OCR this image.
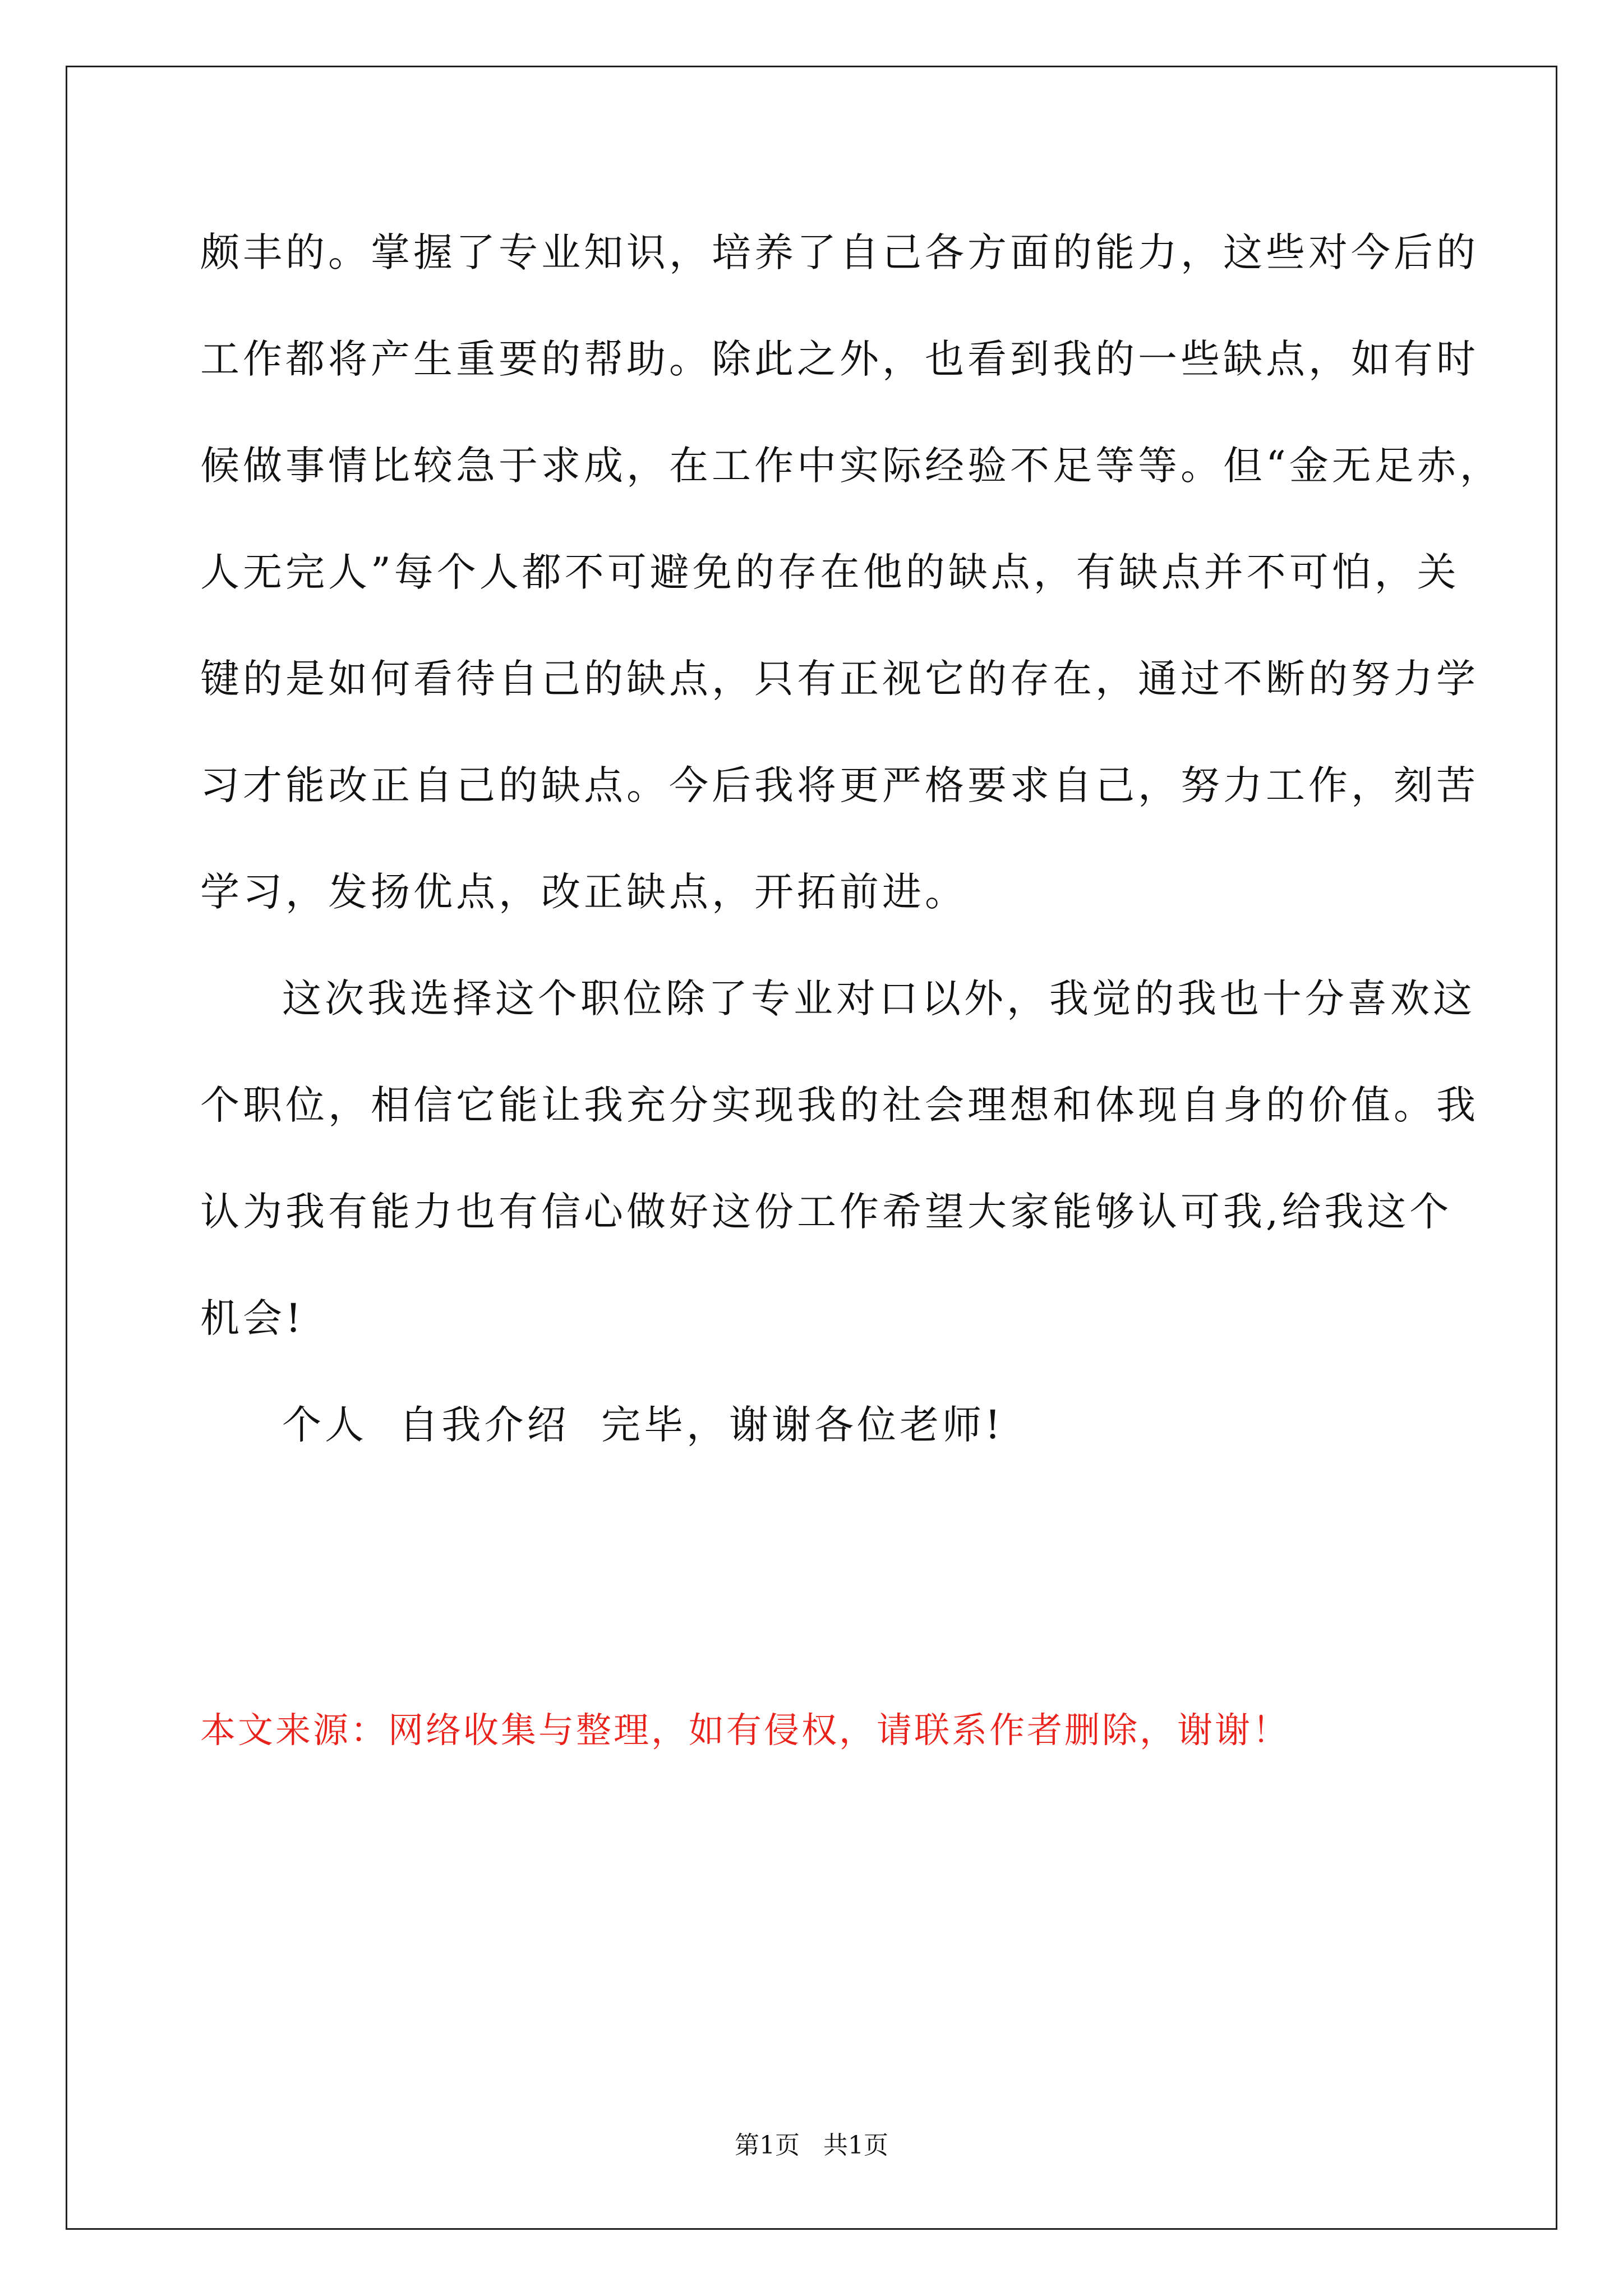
颇丰的。掌握了专业知识，培养了自己各方面的能力，这些对今后的
工作都将产生重要的帮助。除此之外，也看到我的一些缺点，如有时
候做事情比较急于求成，在工作中实际经验不足等等。但“金无足赤，
人无完人”每个人都不可避免的存在他的缺点，有缺点并不可怕，关
键的是如何看待自己的缺点，只有正视它的存在，通过不断的努力学
习才能改正自己的缺点。今后我将更严格要求自己，努力工作，刻苦
学习，发扬优点，改正缺点，开拓前进。
这次我选择这个职位除了专业对口以外，我觉的我也十分喜欢这
个职位，相信它能让我充分实现我的社会理想和体现自身的价值。我
认为我有能力也有信心做好这份工作希望大家能够认可我,给我这个
机会!
个人  自我介绍  完毕，谢谢各位老师!
本文来源：网络收集与整理，如有侵权，请联系作者删除，谢谢！
第1页   共1页
